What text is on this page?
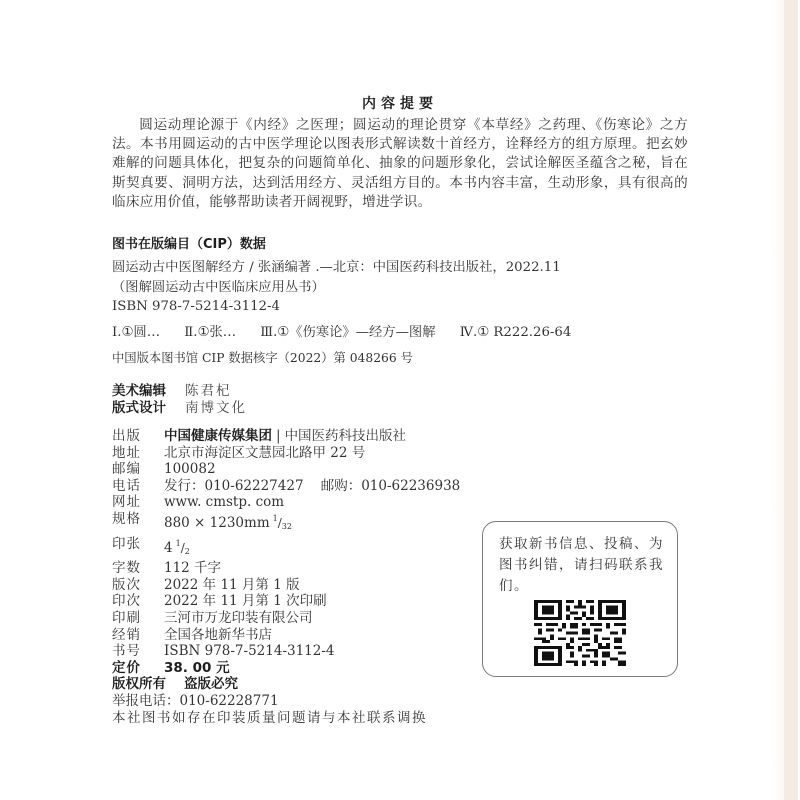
内容提要
圆运动理论源于《内经》之医理；圆运动的理论贯穿《本草经》之药理、《伤寒论》之方法。本书用圆运动的古中医学理论以图表形式解读数十首经方，诠释经方的组方原理。把玄妙难解的问题具体化，把复杂的问题简单化、抽象的问题形象化，尝试诠解医圣蕴含之秘，旨在斯契真要、洞明方法，达到活用经方、灵活组方目的。本书内容丰富，生动形象，具有很高的临床应用价值，能够帮助读者开阔视野，增进学识。
图书在版编目（CIP）数据
圆运动古中医图解经方 / 张涵编著 .—北京：中国医药科技出版社，2022.11
（图解圆运动古中医临床应用丛书）
ISBN 978-7-5214-3112-4
Ⅰ.①圆… Ⅱ.①张… Ⅲ.①《伤寒论》—经方—图解 Ⅳ.① R222.26-64
中国版本图书馆 CIP 数据核字（2022）第 048266 号
美术编辑	陈君杞
版式设计	南博文化
出版	中国健康传媒集团 | 中国医药科技出版社
地址	北京市海淀区文慧园北路甲 22 号
邮编	100082
电话	发行：010-62227427    邮购：010-62236938
网址	www. cmstp. com
规格	880 × 1230mm $^1/_{32}$
印张	4 $^1/_2$
字数	112 千字
版次	2022 年 11 月第 1 版
印次	2022 年 11 月第 1 次印刷
印刷	三河市万龙印装有限公司
经销	全国各地新华书店
书号	ISBN 978-7-5214-3112-4
定价	38. 00 元
版权所有 盗版必究
举报电话：010-62228771
本社图书如存在印装质量问题请与本社联系调换
获取新书信息、投稿、为图书纠错，请扫码联系我们。
